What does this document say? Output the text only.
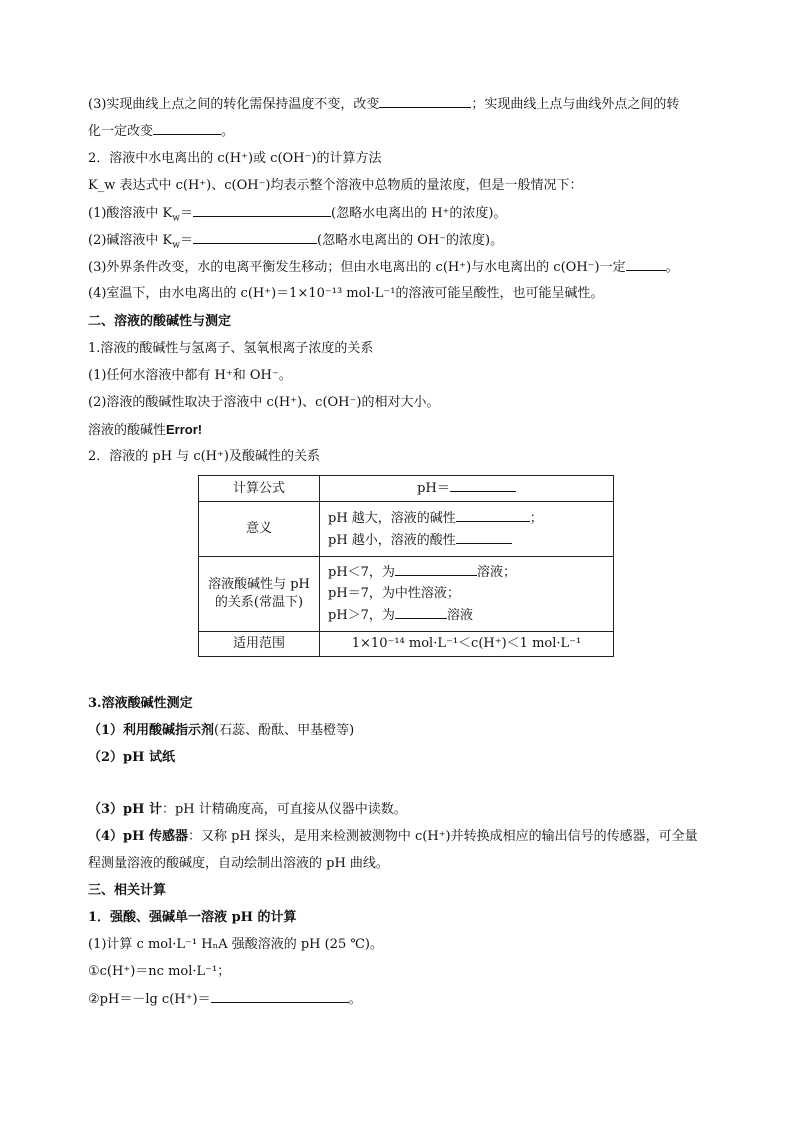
(3)实现曲线上点之间的转化需保持温度不变，改变	；实现曲线上点与曲线外点之间的转
化一定改变	。
2．溶液中水电离出的 c(H⁺)或 c(OH⁻)的计算方法
K_w 表达式中 c(H⁺)、c(OH⁻)均表示整个溶液中总物质的量浓度，但是一般情况下：
(1)酸溶液中 $K_w=$	(忽略水电离出的 H⁺的浓度)。
(2)碱溶液中 $K_w=$	(忽略水电离出的 OH⁻的浓度)。
(3)外界条件改变，水的电离平衡发生移动；但由水电离出的 c(H⁺)与水电离出的 c(OH⁻)一定	。
(4)室温下，由水电离出的 c(H⁺)＝1×10⁻¹³ mol·L⁻¹的溶液可能呈酸性，也可能呈碱性。
二、溶液的酸碱性与测定
1.溶液的酸碱性与氢离子、氢氧根离子浓度的关系
(1)任何水溶液中都有 H⁺和 OH⁻。
(2)溶液的酸碱性取决于溶液中 c(H⁺)、c(OH⁻)的相对大小。
溶液的酸碱性Error!
2．溶液的 pH 与 c(H⁺)及酸碱性的关系
计算公式	pH＝
意义	pH 越大，溶液的碱性 ；
pH 越小，溶液的酸性

溶液酸碱性与 pH 的关系(常温下)	pH＜7，为 溶液；
pH＝7，为中性溶液；
pH＞7，为 溶液

适用范围	1×10⁻¹⁴ mol·L⁻¹＜c(H⁺)＜1 mol·L⁻¹
3.溶液酸碱性测定
（1）利用酸碱指示剂(石蕊、酚酞、甲基橙等)
（2）pH 试纸
（3）pH 计：pH 计精确度高，可直接从仪器中读数。
（4）pH 传感器：又称 pH 探头，是用来检测被测物中 c(H⁺)并转换成相应的输出信号的传感器，可全量
程测量溶液的酸碱度，自动绘制出溶液的 pH 曲线。
三、相关计算
1．强酸、强碱单一溶液 pH 的计算
(1)计算 c mol·L⁻¹ HₙA 强酸溶液的 pH (25 ℃)。
①c(H⁺)＝nc mol·L⁻¹；
②pH＝－lg c(H⁺)＝	。
